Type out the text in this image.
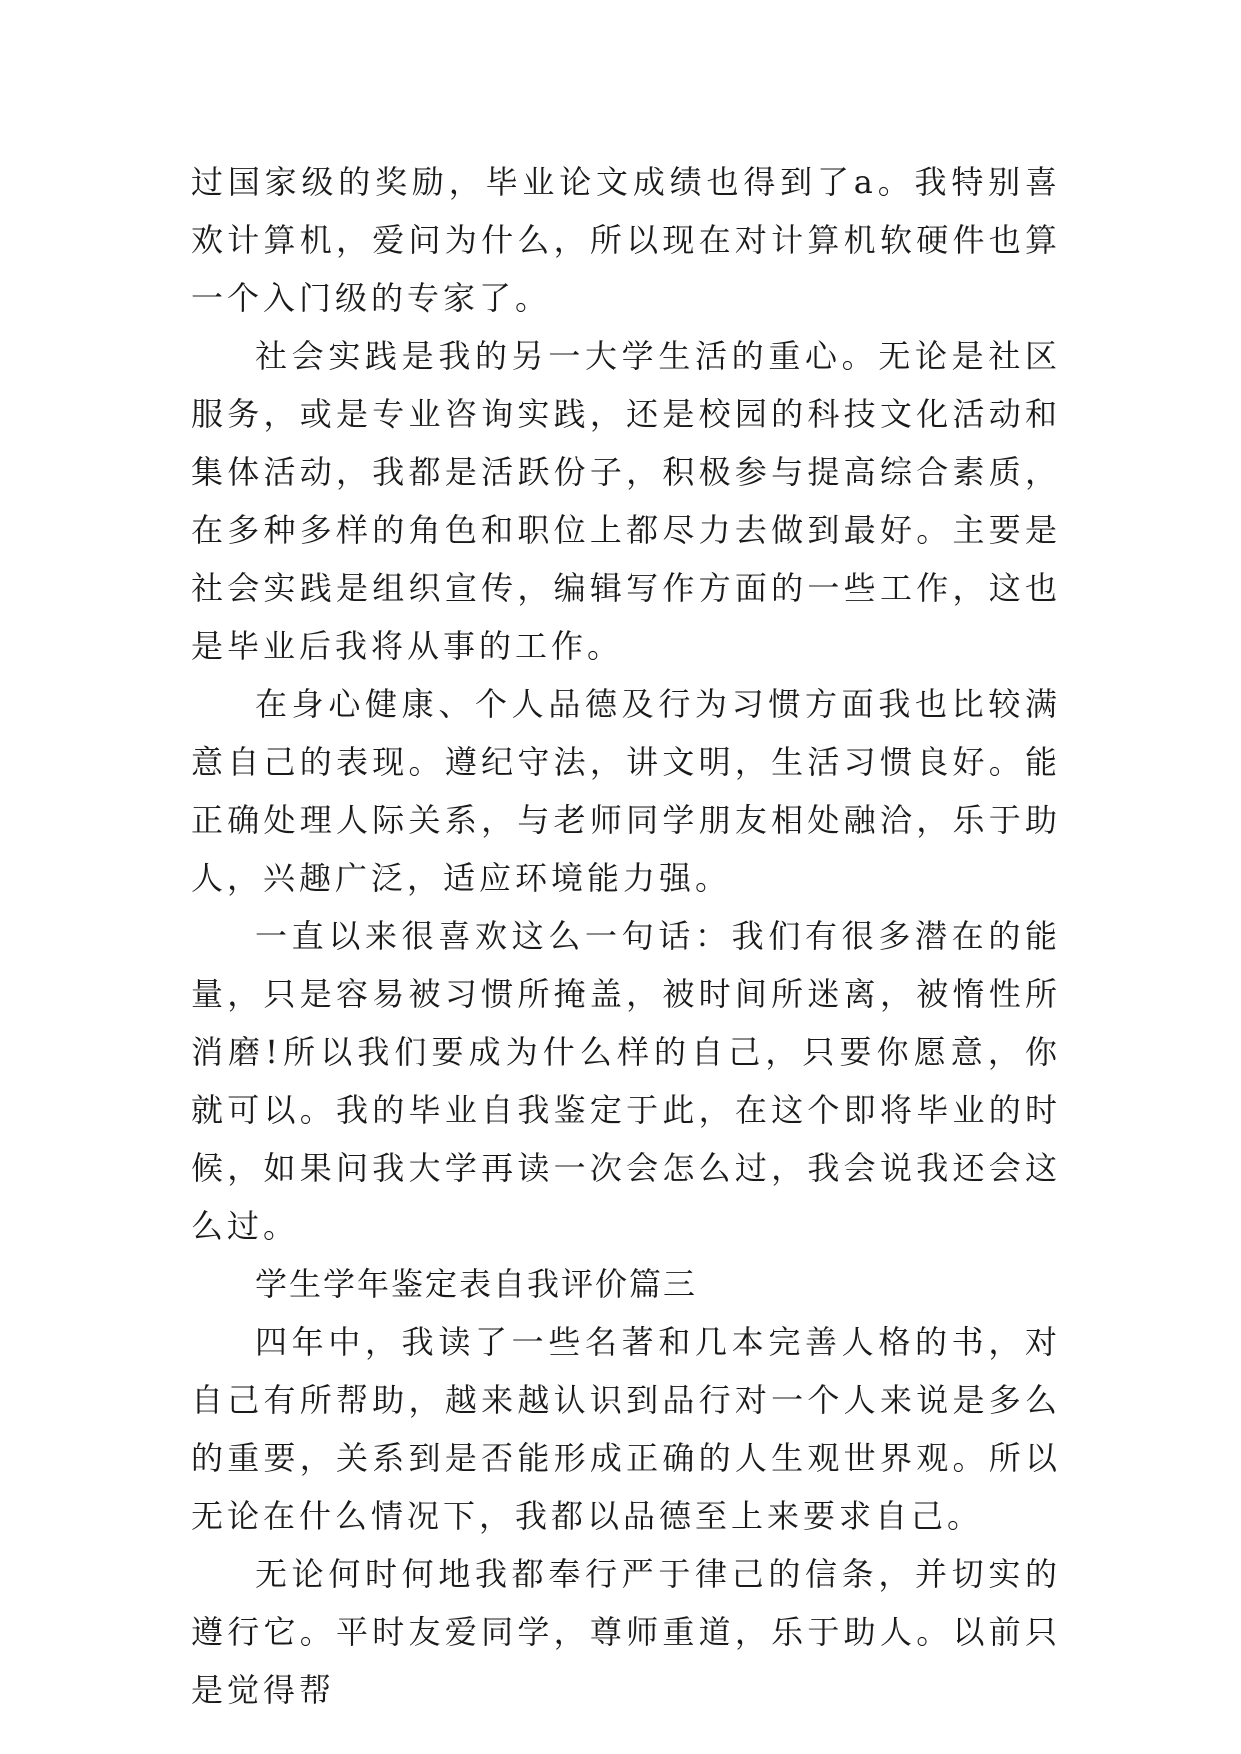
过国家级的奖励，毕业论文成绩也得到了a。我特别喜欢计算机，爱问为什么，所以现在对计算机软硬件也算一个入门级的专家了。

社会实践是我的另一大学生活的重心。无论是社区服务，或是专业咨询实践，还是校园的科技文化活动和集体活动，我都是活跃份子，积极参与提高综合素质，在多种多样的角色和职位上都尽力去做到最好。主要是社会实践是组织宣传，编辑写作方面的一些工作，这也是毕业后我将从事的工作。

在身心健康、个人品德及行为习惯方面我也比较满意自己的表现。遵纪守法，讲文明，生活习惯良好。能正确处理人际关系，与老师同学朋友相处融洽，乐于助人，兴趣广泛，适应环境能力强。

一直以来很喜欢这么一句话：我们有很多潜在的能量，只是容易被习惯所掩盖，被时间所迷离，被惰性所消磨!所以我们要成为什么样的自己，只要你愿意，你就可以。我的毕业自我鉴定于此，在这个即将毕业的时候，如果问我大学再读一次会怎么过，我会说我还会这么过。

学生学年鉴定表自我评价篇三

四年中，我读了一些名著和几本完善人格的书，对自己有所帮助，越来越认识到品行对一个人来说是多么的重要，关系到是否能形成正确的人生观世界观。所以无论在什么情况下，我都以品德至上来要求自己。

无论何时何地我都奉行严于律己的信条，并切实的遵行它。平时友爱同学，尊师重道，乐于助人。以前只是觉得帮
